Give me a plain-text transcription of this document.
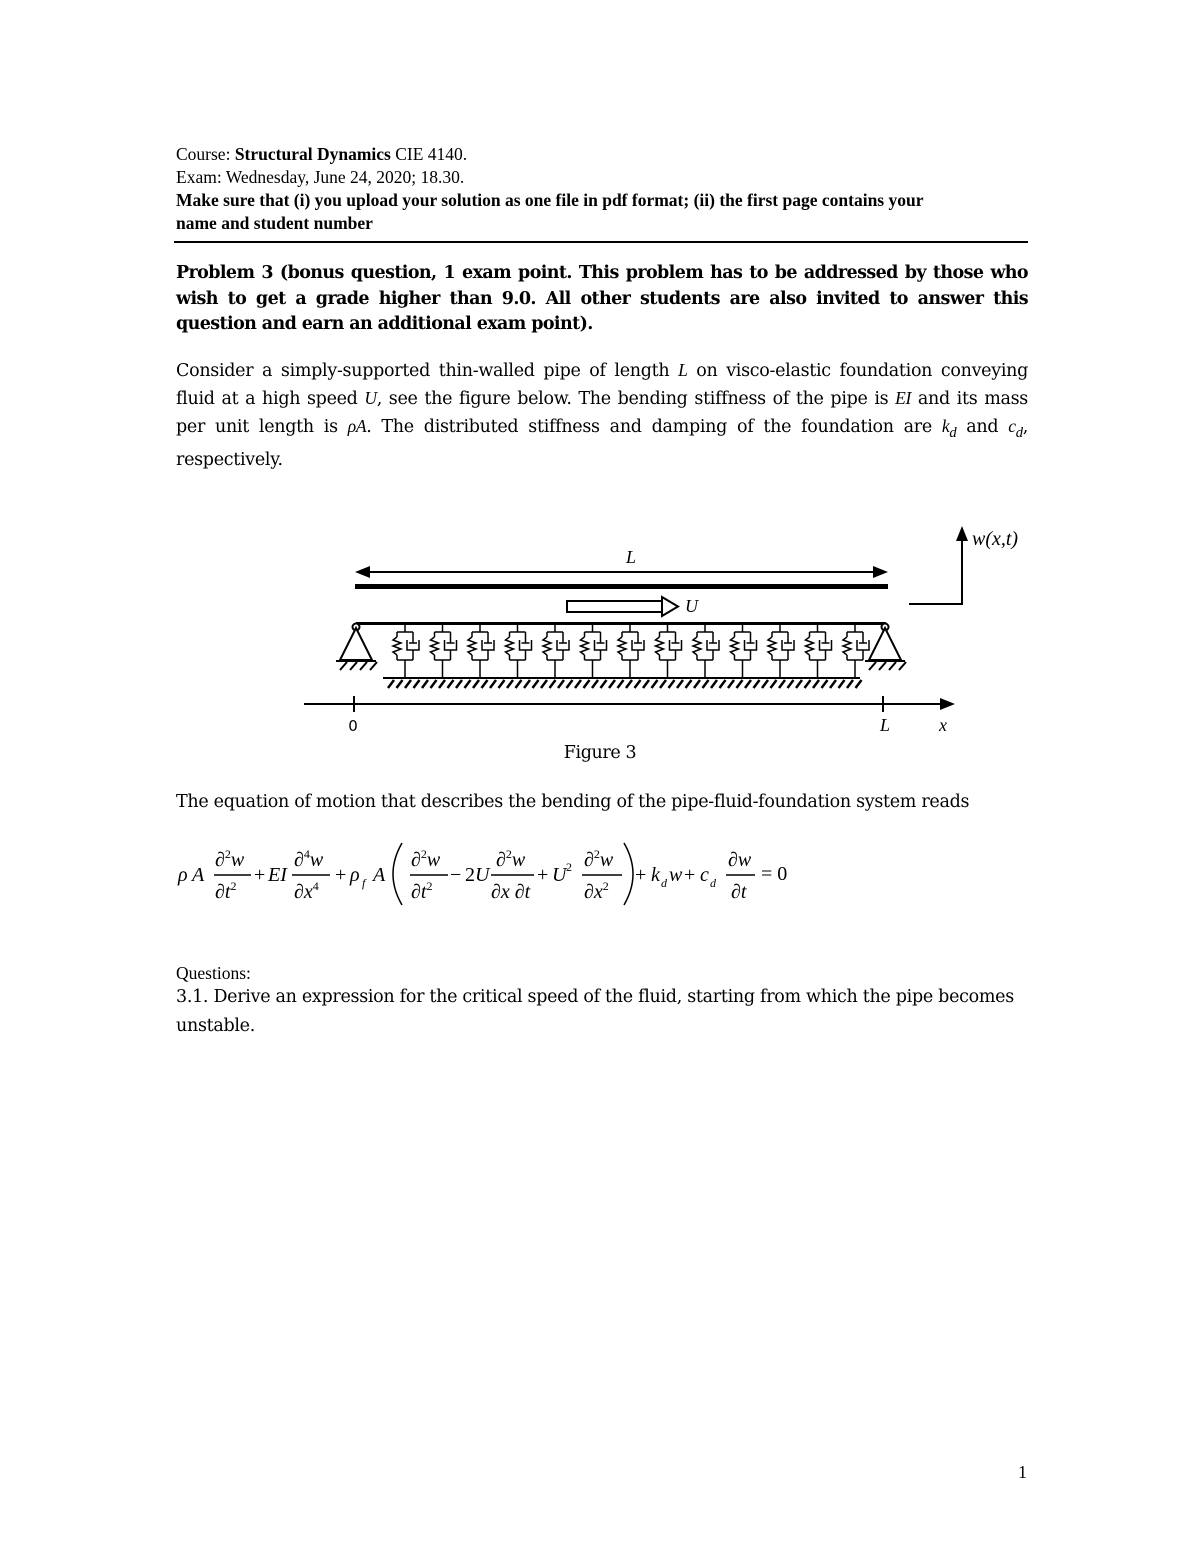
Course: Structural Dynamics CIE 4140.
Exam: Wednesday, June 24, 2020; 18.30.
Make sure that (i) you upload your solution as one file in pdf format; (ii) the first page contains your
name and student number
Problem 3 (bonus question, 1 exam point. This problem has to be addressed by those who wish to get a grade higher than 9.0. All other students are also invited to answer this question and earn an additional exam point).
Consider a simply-supported thin-walled pipe of length L on visco-elastic foundation conveying fluid at a high speed U, see the figure below. The bending stiffness of the pipe is EI and its mass per unit length is ρA. The distributed stiffness and damping of the foundation are $k_d$ and $c_d$, respectively.
L
U
0	L	x
w(x,t)
Figure 3
The equation of motion that describes the bending of the pipe-fluid-foundation system reads
ρ A
∂$^2$w
$\partial t^2$ + EI
∂$^4$w
$\partial x^4 + \rho$ f A
∂$^2$w
$\partial t^2 - 2$ U
∂$^2$w
∂x ∂t
+ U 2 ∂$^2$w
$\partial x^2 + k$ d w + c d
∂w
∂t
= 0
Questions:
3.1. Derive an expression for the critical speed of the fluid, starting from which the pipe becomes
unstable.
1
